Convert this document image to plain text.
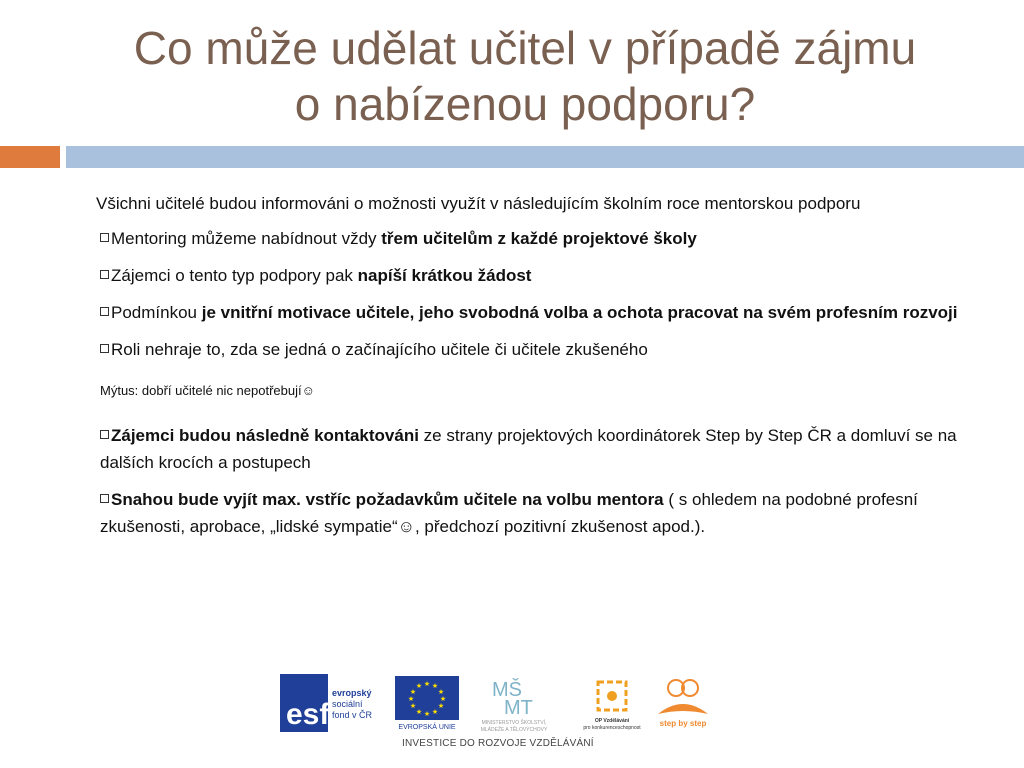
Co může udělat učitel v případě zájmu
o nabízenou podporu?

Všichni učitelé budou informováni o možnosti využít v následujícím školním roce mentorskou podporu

Mentoring můžeme nabídnout vždy třem učitelům z každé projektové školy

Zájemci o tento typ podpory pak napíší krátkou žádost

Podmínkou je vnitřní motivace učitele, jeho svobodná volba a ochota pracovat na svém profesním rozvoji

Roli nehraje to, zda se jedná o začínajícího učitele či učitele zkušeného

Mýtus: dobří učitelé nic nepotřebují☺

Zájemci budou následně kontaktováni ze strany projektových koordinátorek Step by Step ČR a domluví se na dalších krocích a postupech

Snahou bude vyjít max. vstříc požadavkům učitele na volbu mentora ( s ohledem na podobné profesní zkušenosti, aprobace, „lidské sympatie“☺, předchozí pozitivní zkušenost apod.).

esf
evropský
sociální
fond v ČR
★ ★
★
★
★
★
★
★
★
★
★
★
EVROPSKÁ UNIE
MŠ
MT
MINISTERSTVO ŠKOLSTVÍ,
MLÁDEŽE A TĚLOVÝCHOVY
OP Vzdělávání
pro konkurenceschopnost step by step
INVESTICE DO ROZVOJE VZDĚLÁVÁNÍ
